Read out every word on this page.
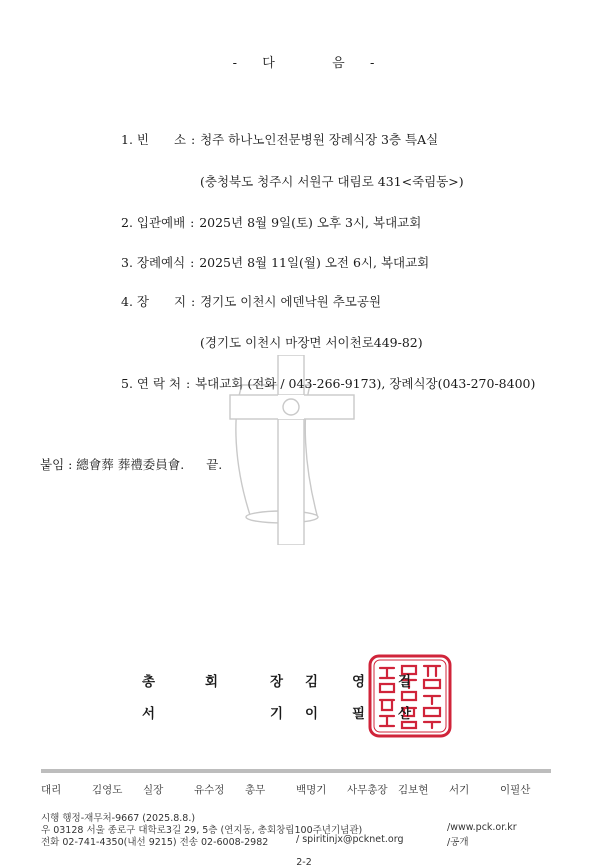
- 다	음 -
1. 빈　　소 : 청주 하나노인전문병원 장례식장 3층 특A실
(충청북도 청주시 서원구 대림로 431<죽림동>)
2. 입관예배 : 2025년 8월 9일(토) 오후 3시, 복대교회
3. 장례예식 : 2025년 8월 11일(월) 오전 6시, 복대교회
4. 장　　지 : 경기도 이천시 에덴낙원 추모공원
(경기도 이천시 마장면 서이천로449-82)
5. 연 락 처 : 복대교회 (전화 / 043-266-9173), 장례식장(043-270-8400)
붙임 : 總會葬 葬禮委員會. 끝.
총	회	장 김	영 걸
서	기 이	필 산
대리	김영도 실장	유수정 총무	백명기 사무총장 김보현 서기	이필산
시행 행정-재무처-9667 (2025.8.8.)
우 03128 서울 종로구 대학로3길 29, 5층 (연지동, 총회창립100주년기념관)	/www.pck.or.kr
전화 02-741-4350(내선 9215) 전송 02-6008-2982	/ spiritinjx@pcknet.org	/공개
2-2
